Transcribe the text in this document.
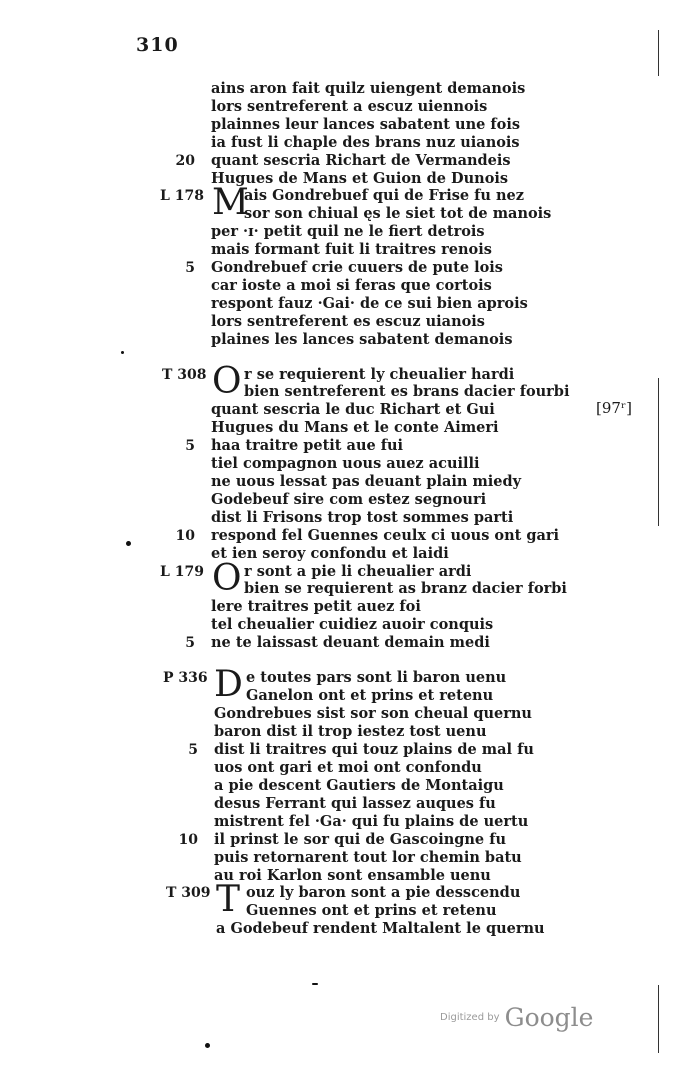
310
ains aron fait quilz uiengent demanois
lors sentreferent a escuz uiennois
plainnes leur lances sabatent une fois
ia fust li chaple des brans nuz uianois
20 quant sescria Richart de Vermandeis
Hugues de Mans et Guion de Dunois
L 178 M
ais Gondrebuef qui de Frise fu nez
sor son chiual ęs le siet tot de manois
per ·ɪ· petit quil ne le fiert detrois
mais formant fuit li traitres renois
5 Gondrebuef crie cuuers de pute lois
car ioste a moi si feras que cortois
respont fauz ·Gai· de ce sui bien aprois
lors sentreferent es escuz uianois
plaines les lances sabatent demanois
T 308 O r se requierent ly cheualier hardi
bien sentreferent es brans dacier fourbi
quant sescria le duc Richart et Gui	[97ʳ]
Hugues du Mans et le conte Aimeri
5 haa traitre petit aue fui
tiel compagnon uous auez acuilli
ne uous lessat pas deuant plain miedy
Godebeuf sire com estez segnouri
dist li Frisons trop tost sommes parti
10 respond fel Guennes ceulx ci uous ont gari
et ien seroy confondu et laidi
L 179 O r sont a pie li cheualier ardi
bien se requierent as branz dacier forbi
lere traitres petit auez foi
tel cheualier cuidiez auoir conquis
5 ne te laissast deuant demain medi
P 336 D e toutes pars sont li baron uenu
Ganelon ont et prins et retenu
Gondrebues sist sor son cheual quernu
baron dist il trop iestez tost uenu
5 dist li traitres qui touz plains de mal fu
uos ont gari et moi ont confondu
a pie descent Gautiers de Montaigu
desus Ferrant qui lassez auques fu
mistrent fel ·Ga· qui fu plains de uertu
10 il prinst le sor qui de Gascoingne fu
puis retornarent tout lor chemin batu
au roi Karlon sont ensamble uenu
T 309 T ouz ly baron sont a pie desscendu
Guennes ont et prins et retenu
a Godebeuf rendent Maltalent le quernu
Digitized by Google
